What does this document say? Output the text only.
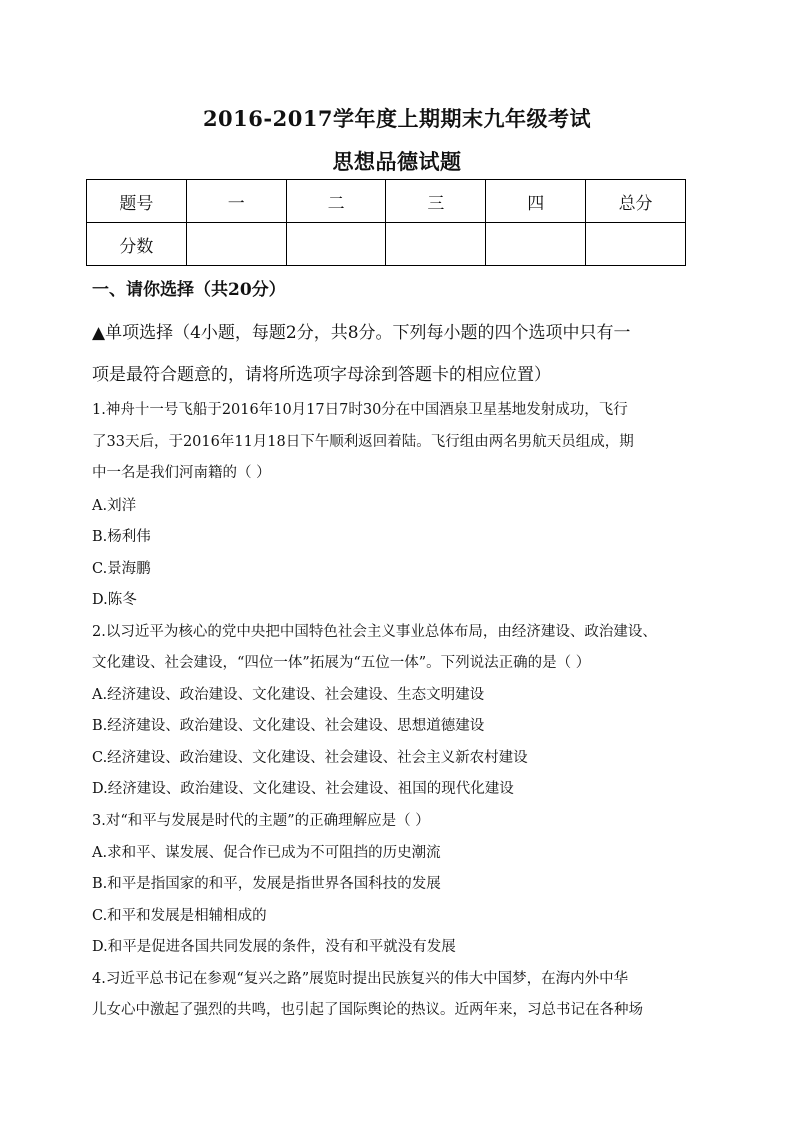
2016-2017学年度上期期末九年级考试
思想品德试题
题号	一	二	三	四	总分
分数					
一、请你选择（共20分）
▲单项选择（4小题，每题2分，共8分。下列每小题的四个选项中只有一
项是最符合题意的，请将所选项字母涂到答题卡的相应位置）
1.神舟十一号飞船于2016年10月17日7时30分在中国酒泉卫星基地发射成功，飞行
了33天后，于2016年11月18日下午顺利返回着陆。飞行组由两名男航天员组成，期
中一名是我们河南籍的（ ）
A.刘洋
B.杨利伟
C.景海鹏
D.陈冬
2.以习近平为核心的党中央把中国特色社会主义事业总体布局，由经济建设、政治建设、
文化建设、社会建设，“四位一体”拓展为“五位一体”。下列说法正确的是（ ）
A.经济建设、政治建设、文化建设、社会建设、生态文明建设
B.经济建设、政治建设、文化建设、社会建设、思想道德建设
C.经济建设、政治建设、文化建设、社会建设、社会主义新农村建设
D.经济建设、政治建设、文化建设、社会建设、祖国的现代化建设
3.对“和平与发展是时代的主题”的正确理解应是（ ）
A.求和平、谋发展、促合作已成为不可阻挡的历史潮流
B.和平是指国家的和平，发展是指世界各国科技的发展
C.和平和发展是相辅相成的
D.和平是促进各国共同发展的条件，没有和平就没有发展
4.习近平总书记在参观“复兴之路”展览时提出民族复兴的伟大中国梦，在海内外中华
儿女心中激起了强烈的共鸣，也引起了国际舆论的热议。近两年来，习总书记在各种场
